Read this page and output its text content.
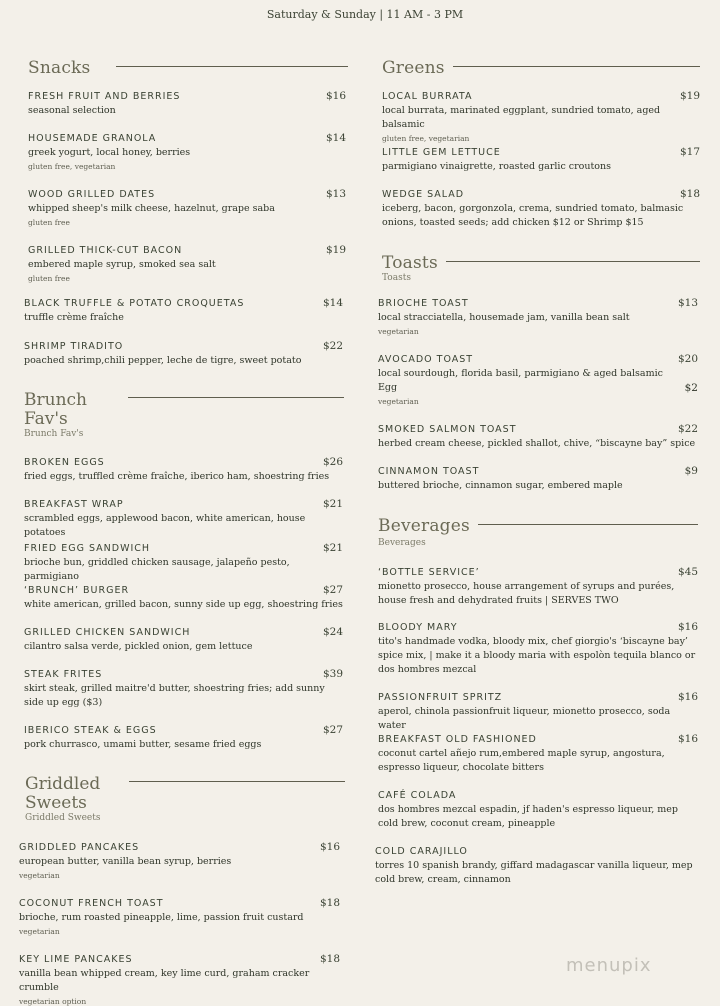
Saturday & Sunday | 11 AM - 3 PM
Snacks
FRESH FRUIT AND BERRIES	$16
seasonal selection
HOUSEMADE GRANOLA	$14
greek yogurt, local honey, berries
gluten free, vegetarian
WOOD GRILLED DATES	$13
whipped sheep's milk cheese, hazelnut, grape saba
gluten free
GRILLED THICK-CUT BACON	$19
embered maple syrup, smoked sea salt
gluten free
BLACK TRUFFLE & POTATO CROQUETAS	$14
truffle crème fraîche
SHRIMP TIRADITO	$22
poached shrimp,chili pepper, leche de tigre, sweet potato
Brunch
Fav's
Brunch Fav's
BROKEN EGGS	$26
fried eggs, truffled crème fraîche, iberico ham, shoestring fries
BREAKFAST WRAP	$21
scrambled eggs, applewood bacon, white american, house potatoes
FRIED EGG SANDWICH	$21
brioche bun, griddled chicken sausage, jalapeño pesto, parmigiano
‘BRUNCH’ BURGER	$27
white american, grilled bacon, sunny side up egg, shoestring fries
GRILLED CHICKEN SANDWICH	$24
cilantro salsa verde, pickled onion, gem lettuce
STEAK FRITES	$39
skirt steak, grilled maitre'd butter, shoestring fries; add sunny side up egg ($3)
IBERICO STEAK & EGGS	$27
pork churrasco, umami butter, sesame fried eggs
Griddled
Sweets
Griddled Sweets
GRIDDLED PANCAKES	$16
european butter, vanilla bean syrup, berries
vegetarian
COCONUT FRENCH TOAST	$18
brioche, rum roasted pineapple, lime, passion fruit custard
vegetarian
KEY LIME PANCAKES	$18
vanilla bean whipped cream, key lime curd, graham cracker crumble
vegetarian option
Greens
LOCAL BURRATA	$19
local burrata, marinated eggplant, sundried tomato, aged balsamic
gluten free, vegetarian
LITTLE GEM LETTUCE	$17
parmigiano vinaigrette, roasted garlic croutons
WEDGE SALAD	$18
iceberg, bacon, gorgonzola, crema, sundried tomato, balmasic onions, toasted seeds; add chicken $12 or Shrimp $15
Toasts
Toasts
BRIOCHE TOAST	$13
local stracciatella, housemade jam, vanilla bean salt
vegetarian
AVOCADO TOAST	$20
local sourdough, florida basil, parmigiano & aged balsamic
Egg	$2
vegetarian
SMOKED SALMON TOAST	$22
herbed cream cheese, pickled shallot, chive, “biscayne bay” spice
CINNAMON TOAST	$9
buttered brioche, cinnamon sugar, embered maple
Beverages
Beverages
‘BOTTLE SERVICE’	$45
mionetto prosecco, house arrangement of syrups and purées, house fresh and dehydrated fruits | SERVES TWO
BLOODY MARY	$16
tito's handmade vodka, bloody mix, chef giorgio's ‘biscayne bay’ spice mix, | make it a bloody maria with espolòn tequila blanco or dos hombres mezcal
PASSIONFRUIT SPRITZ	$16
aperol, chinola passionfruit liqueur, mionetto prosecco, soda water
BREAKFAST OLD FASHIONED	$16
coconut cartel añejo rum,embered maple syrup, angostura, espresso liqueur, chocolate bitters
CAFÉ COLADA
dos hombres mezcal espadin, jf haden's espresso liqueur, mep cold brew, coconut cream, pineapple
COLD CARAJILLO
torres 10 spanish brandy, giffard madagascar vanilla liqueur, mep cold brew, cream, cinnamon
menupix
